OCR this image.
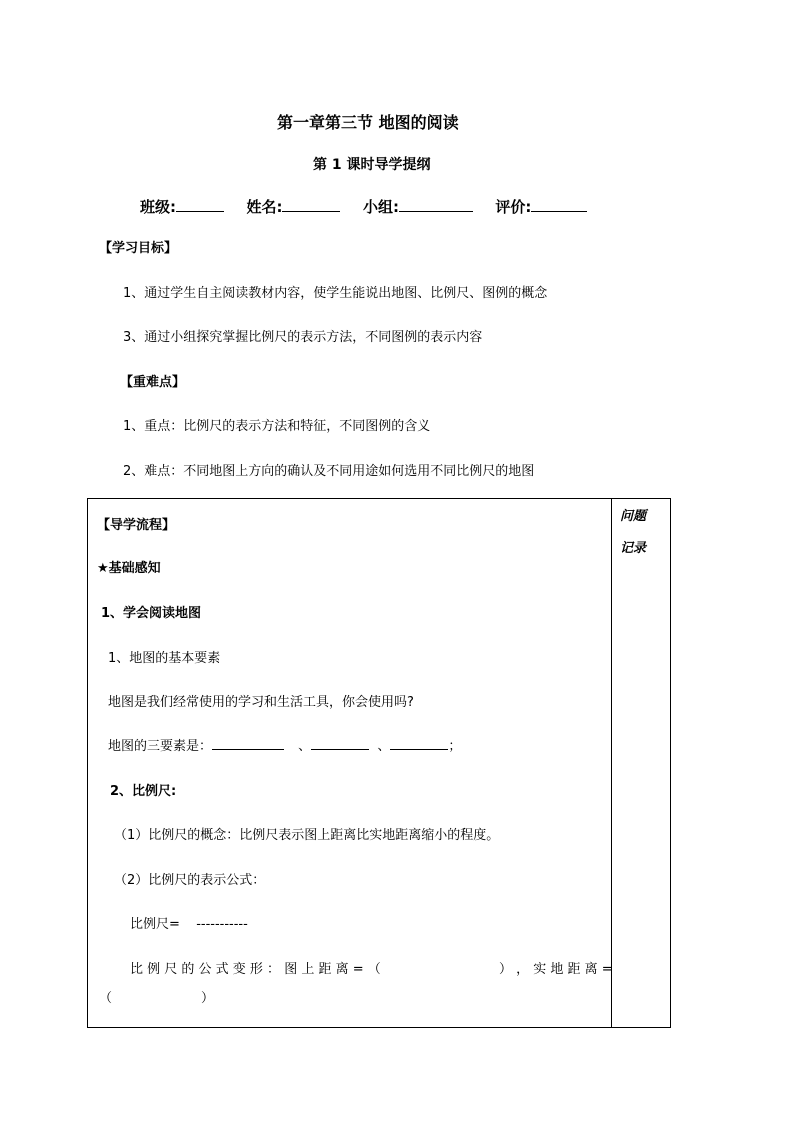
第一章第三节 地图的阅读
第 1 课时导学提纲
班级:	姓名:	小组:	评价:
【学习目标】
1、通过学生自主阅读教材内容，使学生能说出地图、比例尺、图例的概念
3、通过小组探究掌握比例尺的表示方法，不同图例的表示内容
【重难点】
1、重点：比例尺的表示方法和特征，不同图例的含义
2、难点：不同地图上方向的确认及不同用途如何选用不同比例尺的地图
【导学流程】
★基础感知
1、学会阅读地图
1、地图的基本要素
地图是我们经常使用的学习和生活工具，你会使用吗?
地图的三要素是：	、	、	；
2、比例尺:
（1）比例尺的概念：比例尺表示图上距离比实地距离缩小的程度。
（2）比例尺的表示公式：
比例尺= -----------
比 例 尺 的 公 式 变 形 ： 图 上 距 离 = （	） ， 实 地 距 离 =
（	）
问题
记录
